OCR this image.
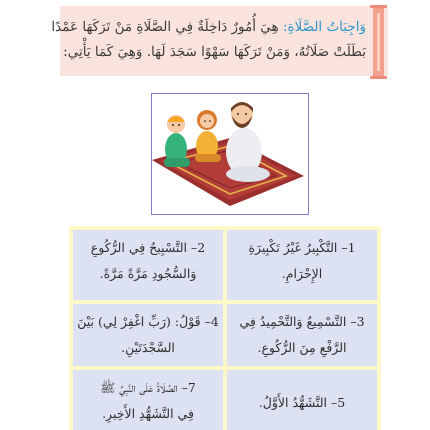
وَاجِبَاتُ الصَّلَاةِ: هِيَ أُمُورٌ دَاخِلَةٌ فِي الصَّلَاةِ مَنْ تَرَكَهَا عَمْدًا
بَطَلَتْ صَلَاتُهُ، وَمَنْ تَرَكَهَا سَهْوًا سَجَدَ لَهَا. وَهِيَ كَمَا يَأْتِي:
1– التَّكْبِيرُ غَيْرُ تَكْبِيرَةِ
الإِحْرَامِ.
2– التَّسْبِيحُ فِي الرُّكُوعِ
وَالسُّجُودِ مَرَّةً مَرَّةً.
3– التَّسْمِيعُ وَالتَّحْمِيدُ فِي
الرَّفْعِ مِنَ الرُّكُوعِ.
4– قَوْلُ: (رَبِّ اغْفِرْ لِي) بَيْنَ
السَّجْدَتَيْنِ.
5– التَّشَهُّدُ الأَوَّلُ.
7– الصَّلَاةُ عَلَى النَّبِيِّ ﷺ
فِي التَّشَهُّدِ الأَخِيرِ.
